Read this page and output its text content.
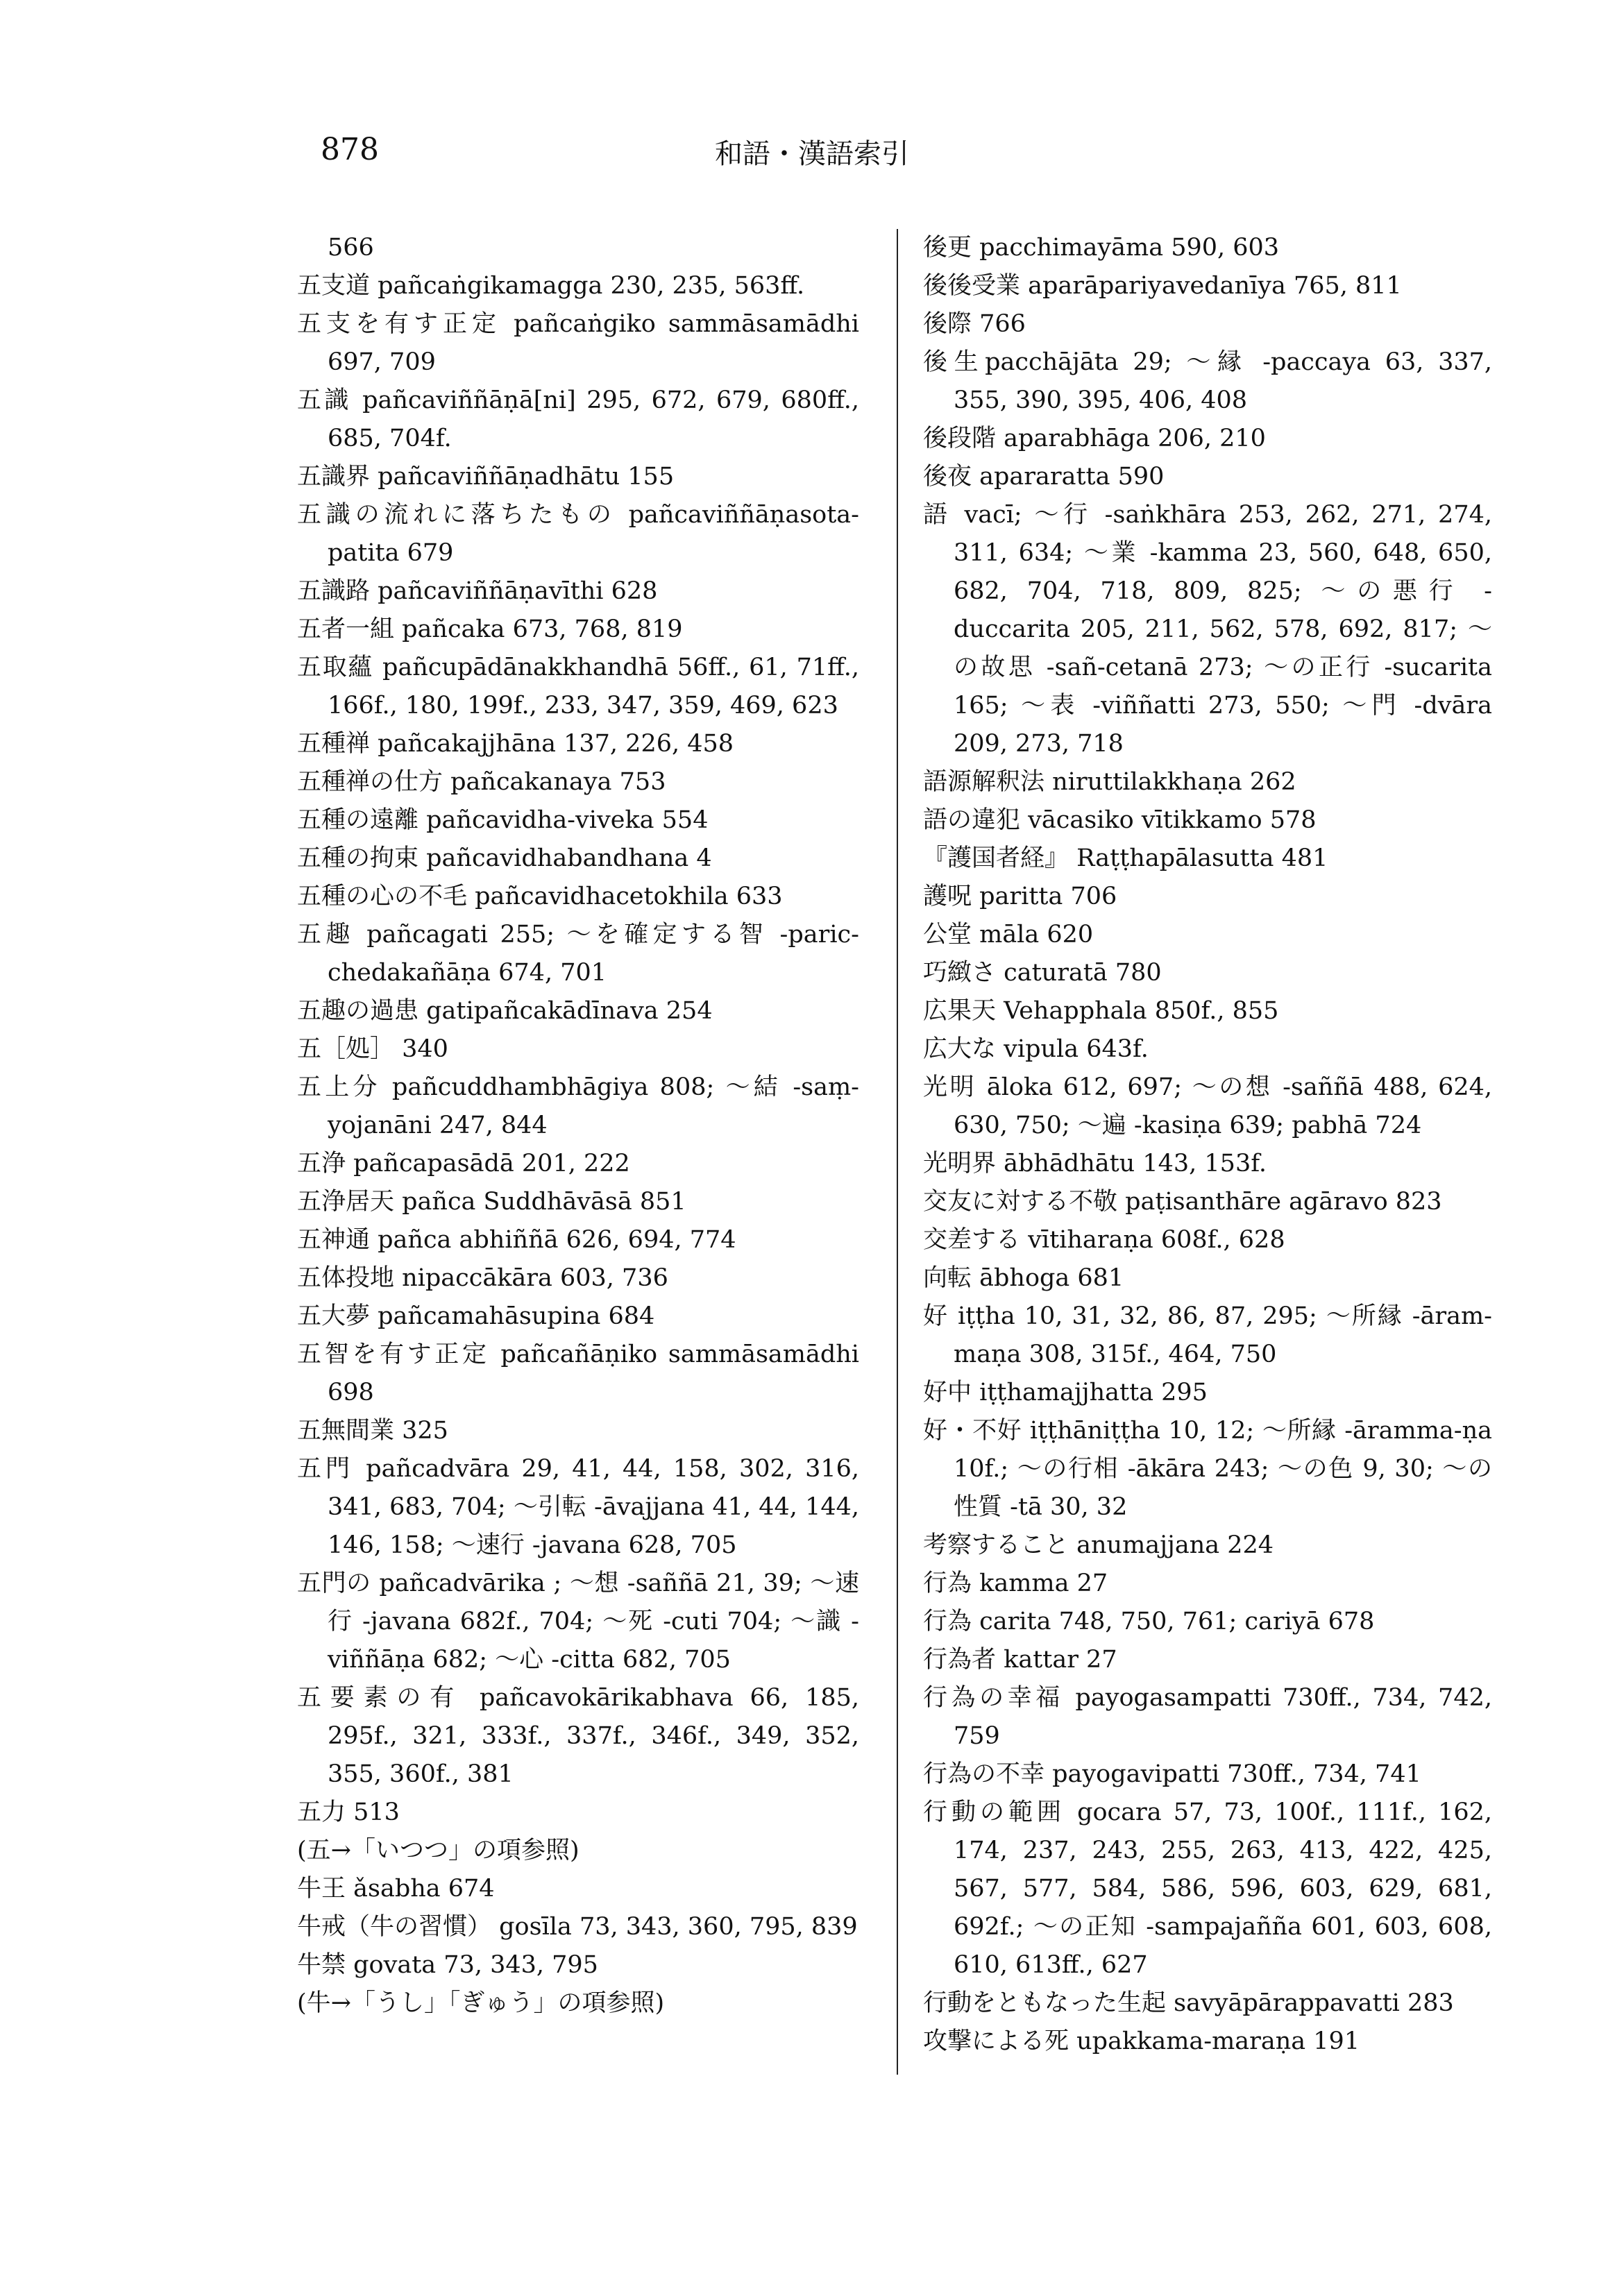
878	和語・漢語索引
566
五支道 pañcaṅgikamagga 230, 235, 563ff.
五支を有す正定 pañcaṅgiko sammāsamādhi 697, 709
五識 pañcaviññāṇā[ni] 295, 672, 679, 680ff., 685, 704f.
五識界 pañcaviññāṇadhātu 155
五識の流れに落ちたもの pañcaviññāṇasota-patita 679
五識路 pañcaviññāṇavīthi 628
五者一組 pañcaka 673, 768, 819
五取蘊 pañcupādānakkhandhā 56ff., 61, 71ff., 166f., 180, 199f., 233, 347, 359, 469, 623
五種禅 pañcakajjhāna 137, 226, 458
五種禅の仕方 pañcakanaya 753
五種の遠離 pañcavidha-viveka 554
五種の拘束 pañcavidhabandhana 4
五種の心の不毛 pañcavidhacetokhila 633
五趣 pañcagati 255; ～を確定する智 -paric-chedakañāṇa 674, 701
五趣の過患 gatipañcakādīnava 254
五［処］ 340
五上分 pañcuddhambhāgiya 808; ～結 -saṃ-yojanāni 247, 844
五浄 pañcapasādā 201, 222
五浄居天 pañca Suddhāvāsā 851
五神通 pañca abhiññā 626, 694, 774
五体投地 nipaccākāra 603, 736
五大夢 pañcamahāsupina 684
五智を有す正定 pañcañāṇiko sammāsamādhi 698
五無間業 325
五門 pañcadvāra 29, 41, 44, 158, 302, 316, 341, 683, 704; ～引転 -āvajjana 41, 44, 144, 146, 158; ～速行 -javana 628, 705
五門の pañcadvārika ; ～想 -saññā 21, 39; ～速行 -javana 682f., 704; ～死 -cuti 704; ～識 -viññāṇa 682; ～心 -citta 682, 705
五要素の有 pañcavokārikabhava 66, 185, 295f., 321, 333f., 337f., 346f., 349, 352, 355, 360f., 381
五力 513
(五→「いつつ」の項参照)
牛王 ǎsabha 674
牛戒（牛の習慣） gosīla 73, 343, 360, 795, 839
牛禁 govata 73, 343, 795
(牛→「うし」「ぎゅう」の項参照)
後更 pacchimayāma 590, 603
後後受業 aparāpariyavedanīya 765, 811
後際 766
後生pacchājāta 29; ～縁 -paccaya 63, 337, 355, 390, 395, 406, 408
後段階 aparabhāga 206, 210
後夜 apararatta 590
語 vacī; ～行 -saṅkhāra 253, 262, 271, 274, 311, 634; ～業 -kamma 23, 560, 648, 650, 682, 704, 718, 809, 825; ～の悪行 -duccarita 205, 211, 562, 578, 692, 817; ～の故思 -sañ-cetanā 273; ～の正行 -sucarita 165; ～表 -viññatti 273, 550; ～門 -dvāra 209, 273, 718
語源解釈法 niruttilakkhaṇa 262
語の違犯 vācasiko vītikkamo 578
『護国者経』 Raṭṭhapālasutta 481
護呪 paritta 706
公堂 māla 620
巧緻さ caturatā 780
広果天 Vehapphala 850f., 855
広大な vipula 643f.
光明 āloka 612, 697; ～の想 -saññā 488, 624, 630, 750; ～遍 -kasiṇa 639; pabhā 724
光明界 ābhādhātu 143, 153f.
交友に対する不敬 paṭisanthāre agāravo 823
交差する vītiharaṇa 608f., 628
向転 ābhoga 681
好 iṭṭha 10, 31, 32, 86, 87, 295; ～所縁 -āram-maṇa 308, 315f., 464, 750
好中 iṭṭhamajjhatta 295
好・不好 iṭṭhāniṭṭha 10, 12; ～所縁 -āramma-ṇa 10f.; ～の行相 -ākāra 243; ～の色 9, 30; ～の性質 -tā 30, 32
考察すること anumajjana 224
行為 kamma 27
行為 carita 748, 750, 761; cariyā 678
行為者 kattar 27
行為の幸福 payogasampatti 730ff., 734, 742, 759
行為の不幸 payogavipatti 730ff., 734, 741
行動の範囲 gocara 57, 73, 100f., 111f., 162, 174, 237, 243, 255, 263, 413, 422, 425, 567, 577, 584, 586, 596, 603, 629, 681, 692f.; ～の正知 -sampajañña 601, 603, 608, 610, 613ff., 627
行動をともなった生起 savyāpārappavatti 283
攻撃による死 upakkama-maraṇa 191
